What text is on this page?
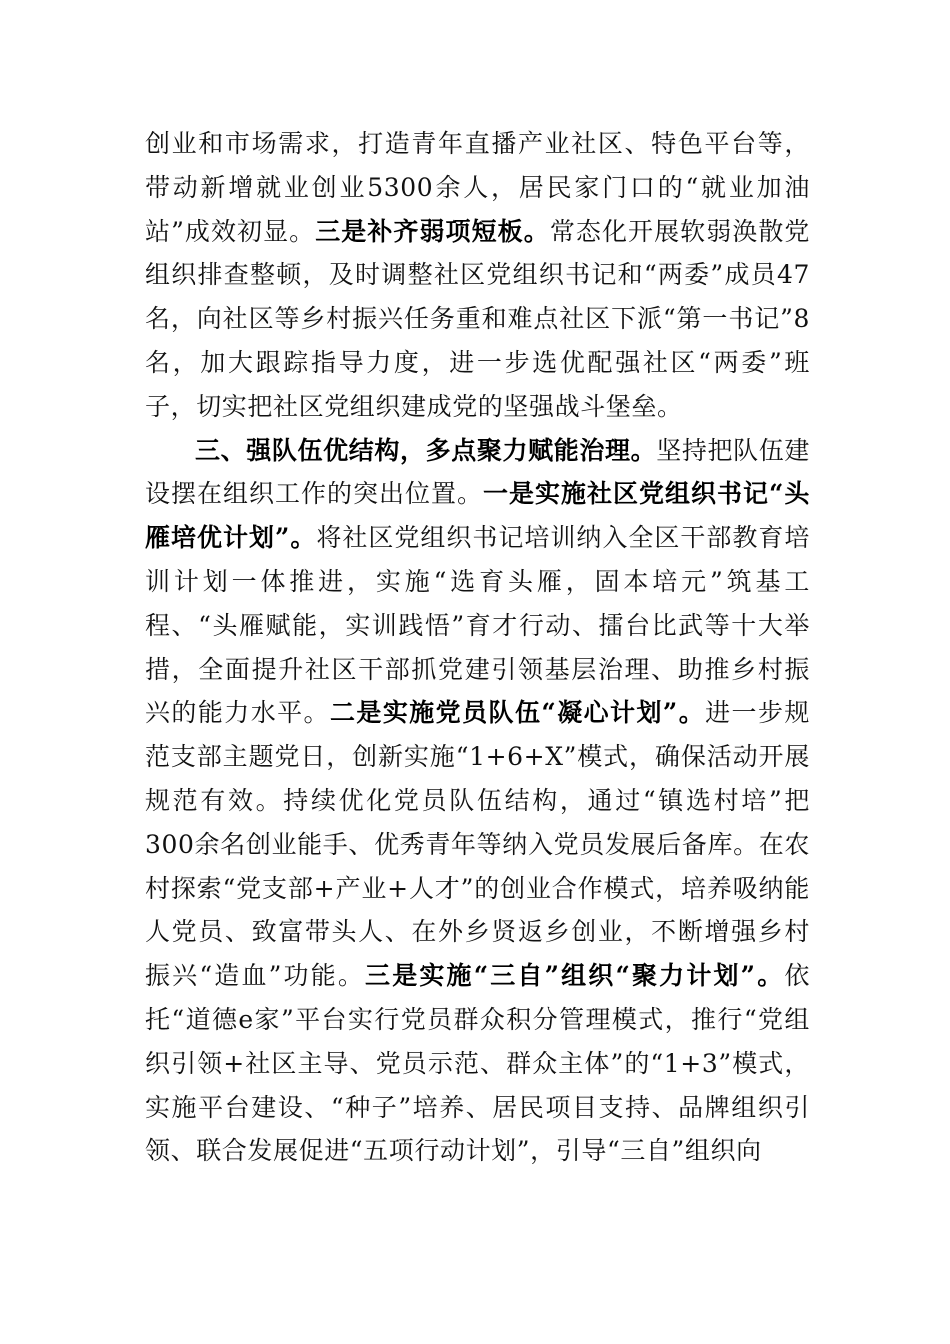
创业和市场需求，打造青年直播产业社区、特色平台等，带动新增就业创业5300余人，居民家门口的“就业加油站”成效初显。三是补齐弱项短板。常态化开展软弱涣散党组织排查整顿，及时调整社区党组织书记和“两委”成员47名，向社区等乡村振兴任务重和难点社区下派“第一书记”8名，加大跟踪指导力度，进一步选优配强社区“两委”班子，切实把社区党组织建成党的坚强战斗堡垒。

三、强队伍优结构，多点聚力赋能治理。坚持把队伍建设摆在组织工作的突出位置。一是实施社区党组织书记“头雁培优计划”。将社区党组织书记培训纳入全区干部教育培训计划一体推进，实施“选育头雁，固本培元”筑基工程、“头雁赋能，实训践悟”育才行动、擂台比武等十大举措，全面提升社区干部抓党建引领基层治理、助推乡村振兴的能力水平。二是实施党员队伍“凝心计划”。进一步规范支部主题党日，创新实施“1+6+X”模式，确保活动开展规范有效。持续优化党员队伍结构，通过“镇选村培”把300余名创业能手、优秀青年等纳入党员发展后备库。在农村探索“党支部+产业+人才”的创业合作模式，培养吸纳能人党员、致富带头人、在外乡贤返乡创业，不断增强乡村振兴“造血”功能。三是实施“三自”组织“聚力计划”。依托“道德e家”平台实行党员群众积分管理模式，推行“党组织引领+社区主导、党员示范、群众主体”的“1+3”模式，实施平台建设、“种子”培养、居民项目支持、品牌组织引领、联合发展促进“五项行动计划”，引导“三自”组织向
